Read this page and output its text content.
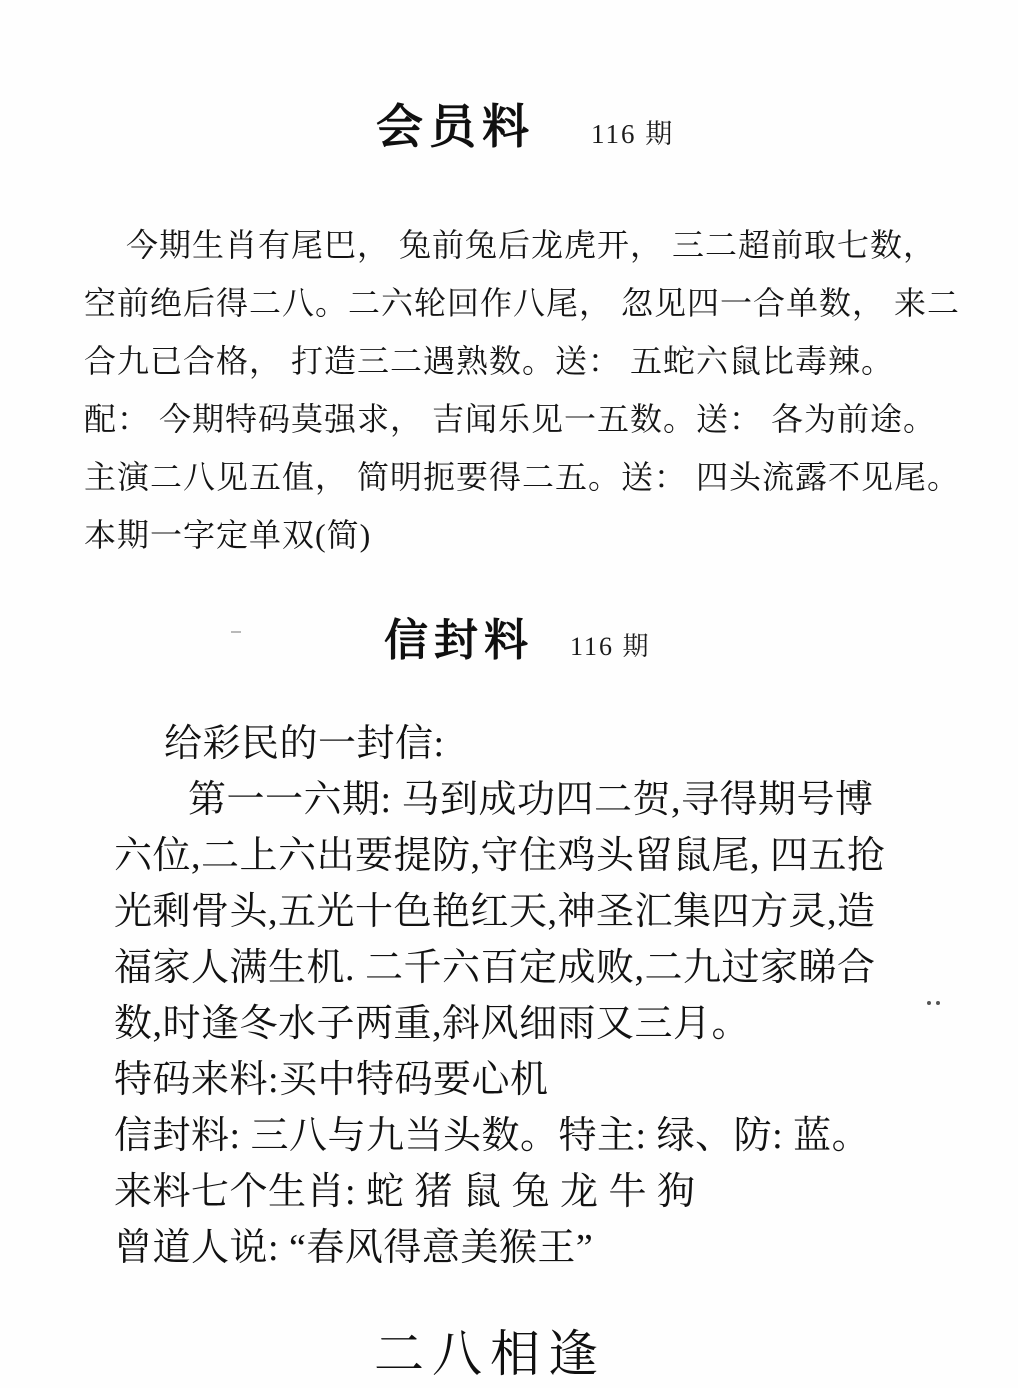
会员料 116 期
今期生肖有尾巴， 兔前兔后龙虎开， 三二超前取七数，
空前绝后得二八。二六轮回作八尾， 忽见四一合单数， 来二
合九已合格， 打造三二遇熟数。送： 五蛇六鼠比毒辣。
配： 今期特码莫强求， 吉闻乐见一五数。送： 各为前途。
主演二八见五值， 简明扼要得二五。送： 四头流露不见尾。
本期一字定单双(简)
信封料 116 期
给彩民的一封信:
第一一六期: 马到成功四二贺,寻得期号博
六位,二上六出要提防,守住鸡头留鼠尾, 四五抢
光剩骨头,五光十色艳红天,神圣汇集四方灵,造
福家人满生机. 二千六百定成败,二九过家睇合
数,时逢冬水子两重,斜风细雨又三月。
特码来料:买中特码要心机
信封料: 三八与九当头数。特主: 绿、防: 蓝。
来料七个生肖: 蛇 猪 鼠 兔 龙 牛 狗
曾道人说: “春风得意美猴王”
二八相逢
